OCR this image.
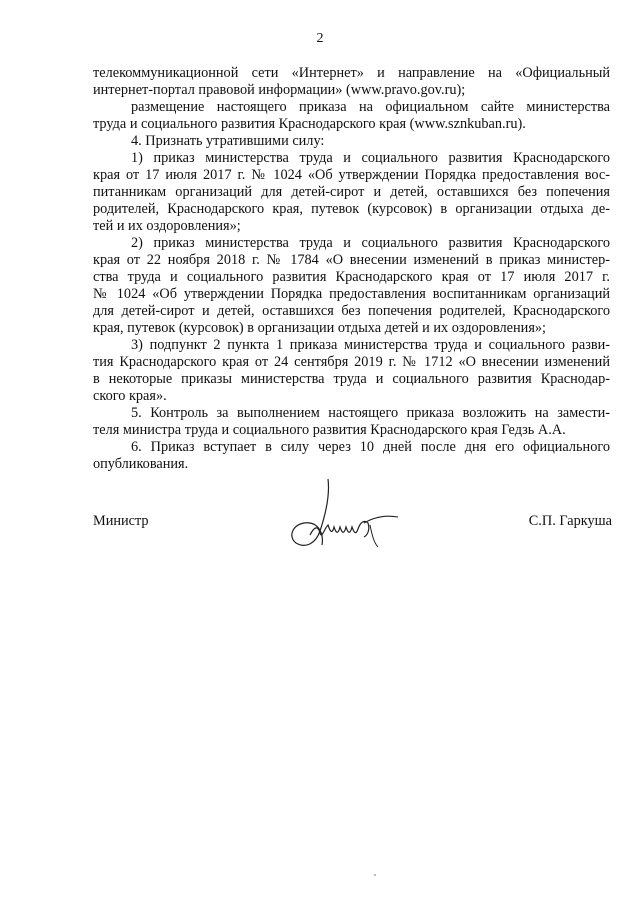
2
телекоммуникационной сети «Интернет» и направление на «Официальный
интернет-портал правовой информации» (www.pravo.gov.ru);
размещение настоящего приказа на официальном сайте министерства
труда и социального развития Краснодарского края (www.sznkuban.ru).
4. Признать утратившими силу:
1) приказ министерства труда и социального развития Краснодарского
края от 17 июля 2017 г. № 1024 «Об утверждении Порядка предоставления вос-
питанникам организаций для детей-сирот и детей, оставшихся без попечения
родителей, Краснодарского края, путевок (курсовок) в организации отдыха де-
тей и их оздоровления»;
2) приказ министерства труда и социального развития Краснодарского
края от 22 ноября 2018 г. № 1784 «О внесении изменений в приказ министер-
ства труда и социального развития Краснодарского края от 17 июля 2017 г.
№ 1024 «Об утверждении Порядка предоставления воспитанникам организаций
для детей-сирот и детей, оставшихся без попечения родителей, Краснодарского
края, путевок (курсовок) в организации отдыха детей и их оздоровления»;
3) подпункт 2 пункта 1 приказа министерства труда и социального разви-
тия Краснодарского края от 24 сентября 2019 г. № 1712 «О внесении изменений
в некоторые приказы министерства труда и социального развития Краснодар-
ского края».
5. Контроль за выполнением настоящего приказа возложить на замести-
теля министра труда и социального развития Краснодарского края Гедзь А.А.
6. Приказ вступает в силу через 10 дней после дня его официального
опубликования.
Министр	С.П. Гаркуша
